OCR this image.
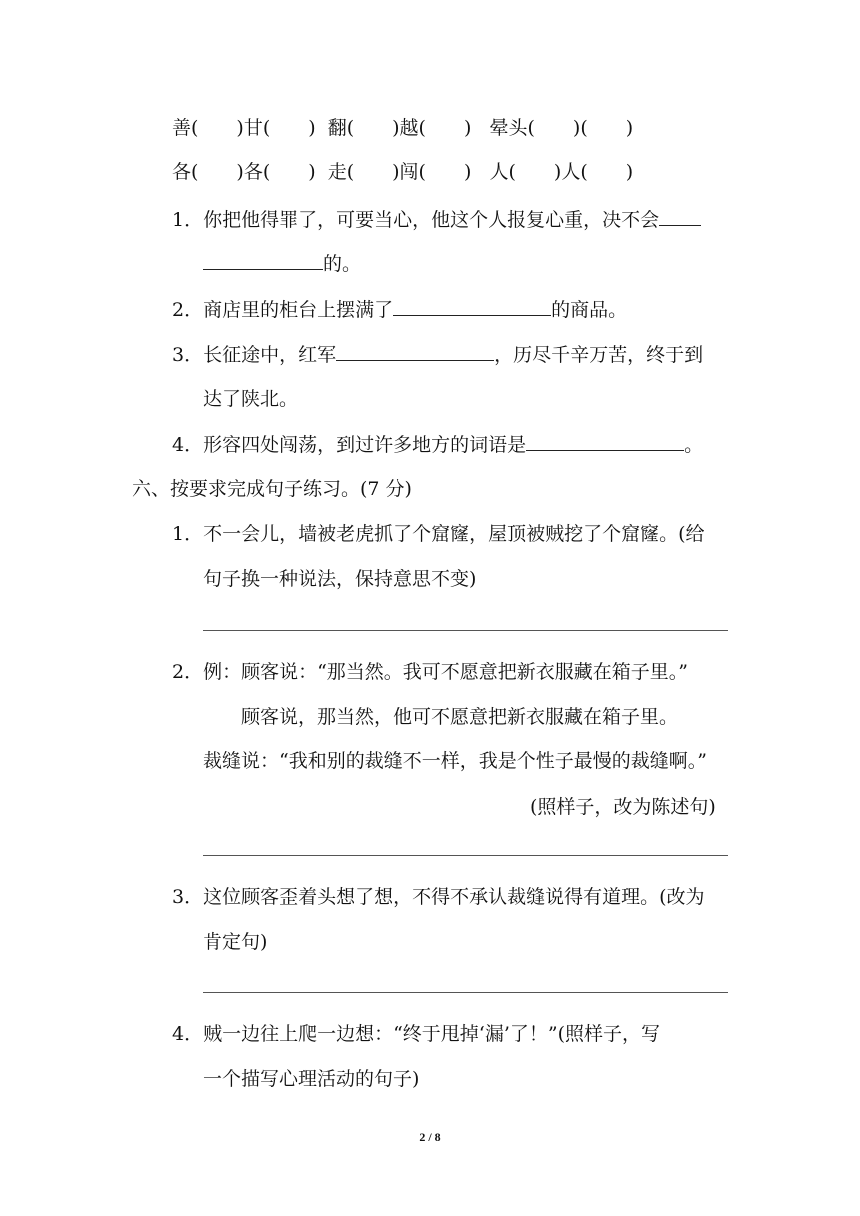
善(　　)甘(　　)  翻(　　)越(　　)   晕头(　　)(　　)
各(　　)各(　　)  走(　　)闯(　　)   人(　　)人(　　)
1．你把他得罪了，可要当心，他这个人报复心重，决不会
的。
2．商店里的柜台上摆满了	的商品。
3．长征途中，红军	，历尽千辛万苦，终于到
达了陕北。
4．形容四处闯荡，到过许多地方的词语是	。
六、按要求完成句子练习。(7 分)
1．不一会儿，墙被老虎抓了个窟窿，屋顶被贼挖了个窟窿。(给
句子换一种说法，保持意思不变)
2．例：顾客说：“那当然。我可不愿意把新衣服藏在箱子里。”
顾客说，那当然，他可不愿意把新衣服藏在箱子里。
裁缝说：“我和别的裁缝不一样，我是个性子最慢的裁缝啊。”
(照样子，改为陈述句)
3．这位顾客歪着头想了想，不得不承认裁缝说得有道理。(改为
肯定句)
4．贼一边往上爬一边想：“终于甩掉‘漏’了！”(照样子，写
一个描写心理活动的句子)
2 / 8
